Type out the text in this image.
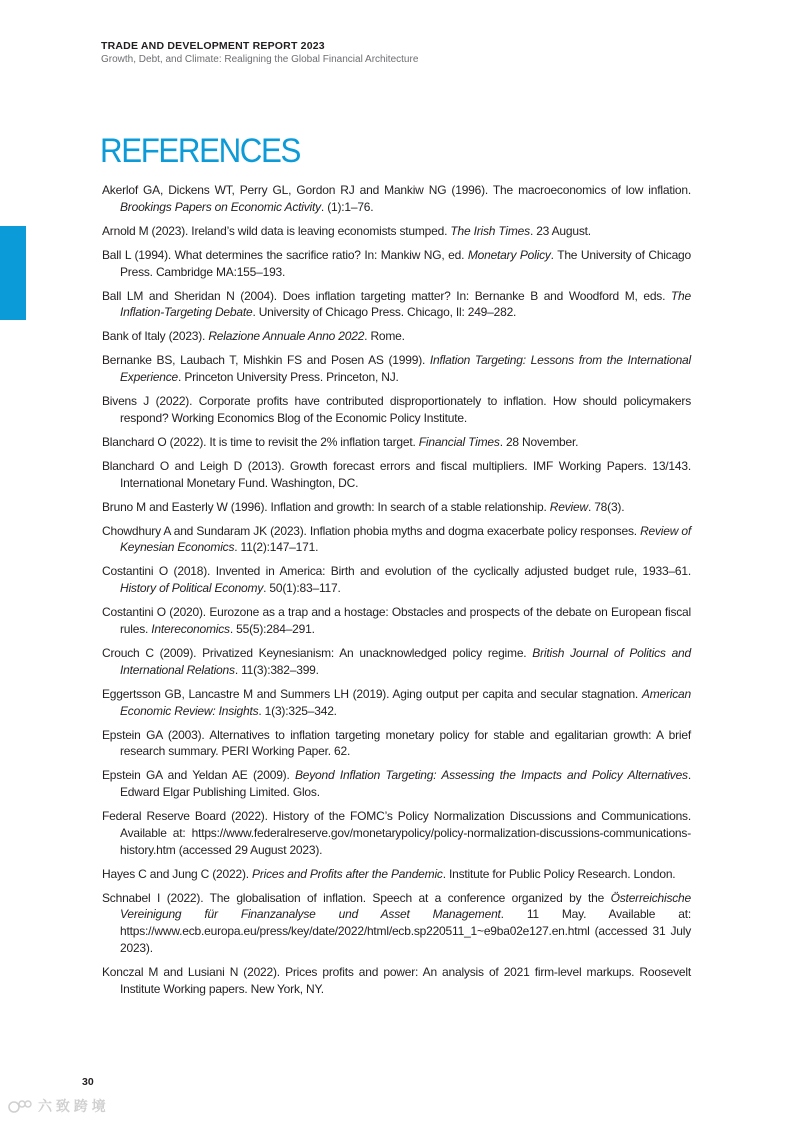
TRADE AND DEVELOPMENT REPORT 2023
Growth, Debt, and Climate: Realigning the Global Financial Architecture
REFERENCES

Akerlof GA, Dickens WT, Perry GL, Gordon RJ and Mankiw NG (1996). The macroeconomics of low inflation. Brookings Papers on Economic Activity. (1):1–76.

Arnold M (2023). Ireland’s wild data is leaving economists stumped. The Irish Times. 23 August.

Ball L (1994). What determines the sacrifice ratio? In: Mankiw NG, ed. Monetary Policy. The University of Chicago Press. Cambridge MA:155–193.

Ball LM and Sheridan N (2004). Does inflation targeting matter? In: Bernanke B and Woodford M, eds. The Inflation-Targeting Debate. University of Chicago Press. Chicago, Il: 249–282.

Bank of Italy (2023). Relazione Annuale Anno 2022. Rome.

Bernanke BS, Laubach T, Mishkin FS and Posen AS (1999). Inflation Targeting: Lessons from the International Experience. Princeton University Press. Princeton, NJ.

Bivens J (2022). Corporate profits have contributed disproportionately to inflation. How should policymakers respond? Working Economics Blog of the Economic Policy Institute.

Blanchard O (2022). It is time to revisit the 2% inflation target. Financial Times. 28 November.

Blanchard O and Leigh D (2013). Growth forecast errors and fiscal multipliers. IMF Working Papers. 13/143. International Monetary Fund. Washington, DC.

Bruno M and Easterly W (1996). Inflation and growth: In search of a stable relationship. Review. 78(3).

Chowdhury A and Sundaram JK (2023). Inflation phobia myths and dogma exacerbate policy responses. Review of Keynesian Economics. 11(2):147–171.

Costantini O (2018). Invented in America: Birth and evolution of the cyclically adjusted budget rule, 1933–61. History of Political Economy. 50(1):83–117.

Costantini O (2020). Eurozone as a trap and a hostage: Obstacles and prospects of the debate on European fiscal rules. Intereconomics. 55(5):284–291.

Crouch C (2009). Privatized Keynesianism: An unacknowledged policy regime. British Journal of Politics and International Relations. 11(3):382–399.

Eggertsson GB, Lancastre M and Summers LH (2019). Aging output per capita and secular stagnation. American Economic Review: Insights. 1(3):325–342.

Epstein GA (2003). Alternatives to inflation targeting monetary policy for stable and egalitarian growth: A brief research summary. PERI Working Paper. 62.

Epstein GA and Yeldan AE (2009). Beyond Inflation Targeting: Assessing the Impacts and Policy Alternatives. Edward Elgar Publishing Limited. Glos.

Federal Reserve Board (2022). History of the FOMC’s Policy Normalization Discussions and Communications. Available at: https://www.federalreserve.gov/monetarypolicy/policy-normalization-discussions-communications-history.htm (accessed 29 August 2023).

Hayes C and Jung C (2022). Prices and Profits after the Pandemic. Institute for Public Policy Research. London.

Schnabel I (2022). The globalisation of inflation. Speech at a conference organized by the Österreichische Vereinigung für Finanzanalyse und Asset Management. 11 May. Available at: https://www.ecb.europa.eu/press/key/date/2022/html/ecb.sp220511_1~e9ba02e127.en.html (accessed 31 July 2023).

Konczal M and Lusiani N (2022). Prices profits and power: An analysis of 2021 firm-level markups. Roosevelt Institute Working papers. New York, NY.

30
六 致 跨 境
